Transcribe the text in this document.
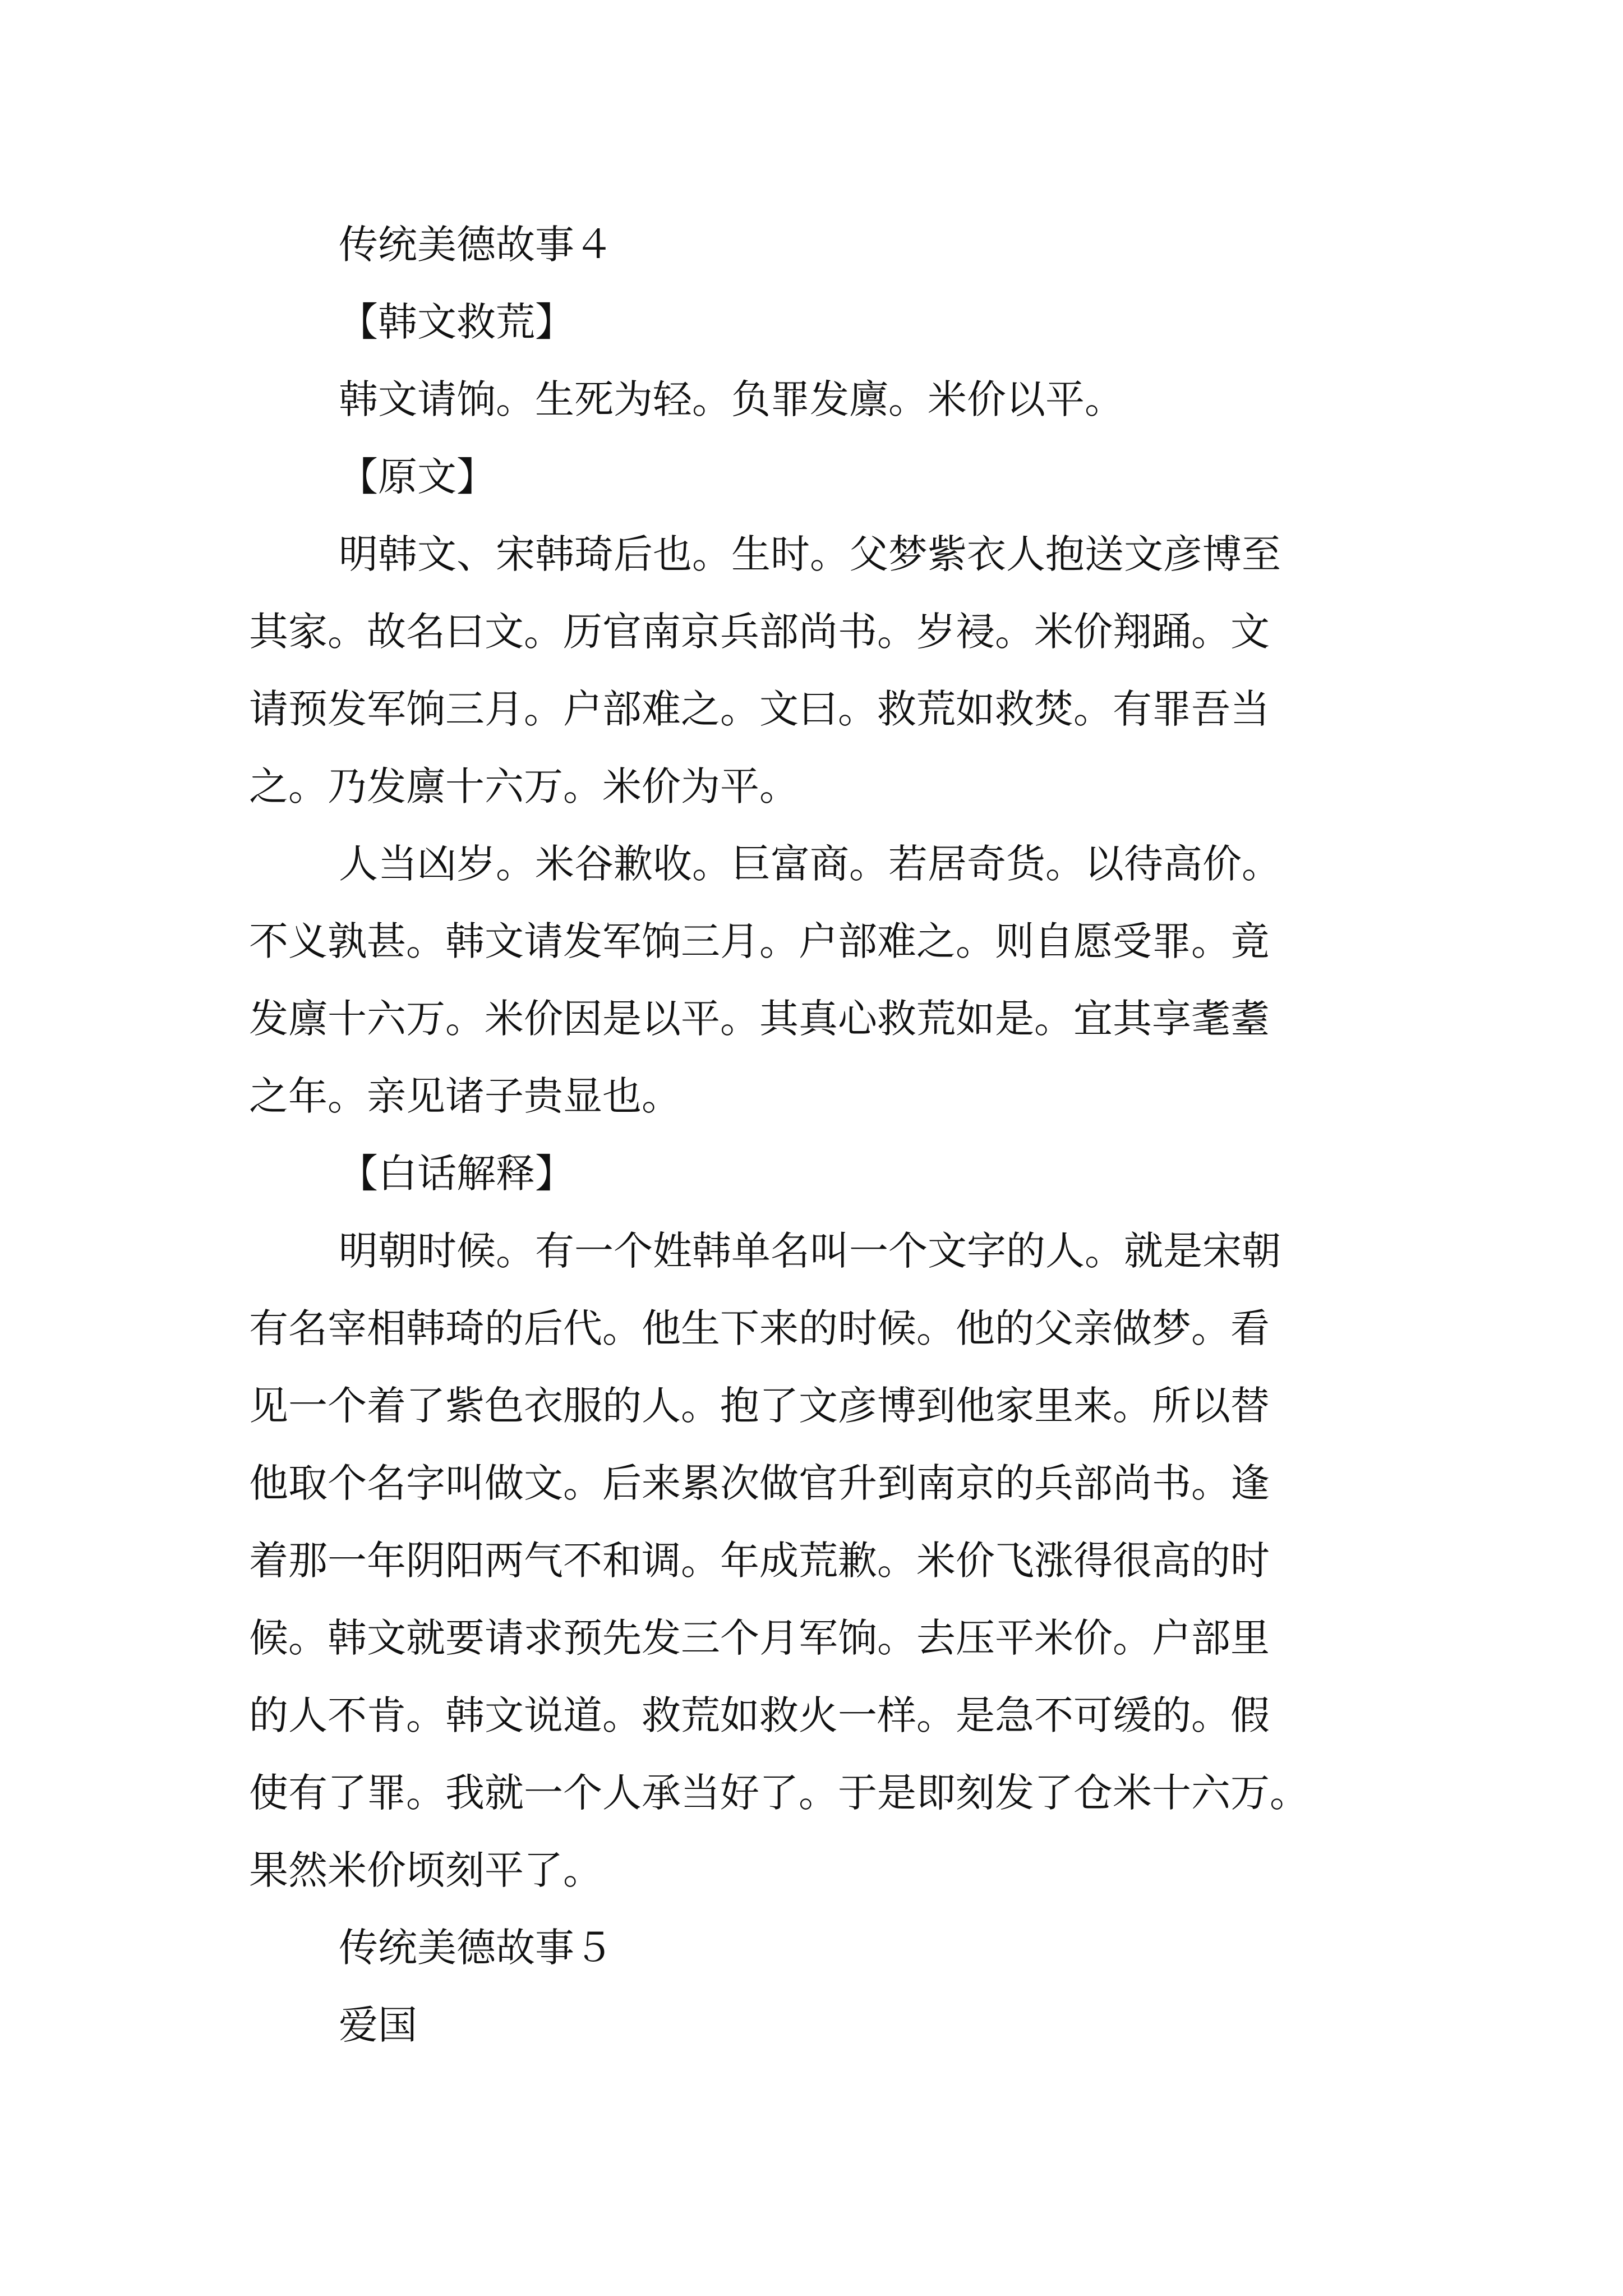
传统美德故事４
【韩文救荒】
韩文请饷。生死为轻。负罪发廪。米价以平。
【原文】
明韩文、宋韩琦后也。生时。父梦紫衣人抱送文彦博至
其家。故名曰文。历官南京兵部尚书。岁祲。米价翔踊。文
请预发军饷三月。户部难之。文曰。救荒如救焚。有罪吾当
之。乃发廪十六万。米价为平。
人当凶岁。米谷歉收。巨富商。若居奇货。以待高价。
不义孰甚。韩文请发军饷三月。户部难之。则自愿受罪。竟
发廪十六万。米价因是以平。其真心救荒如是。宜其享耄耋
之年。亲见诸子贵显也。
【白话解释】
明朝时候。有一个姓韩单名叫一个文字的人。就是宋朝
有名宰相韩琦的后代。他生下来的时候。他的父亲做梦。看
见一个着了紫色衣服的人。抱了文彦博到他家里来。所以替
他取个名字叫做文。后来累次做官升到南京的兵部尚书。逢
着那一年阴阳两气不和调。年成荒歉。米价飞涨得很高的时
候。韩文就要请求预先发三个月军饷。去压平米价。户部里
的人不肯。韩文说道。救荒如救火一样。是急不可缓的。假
使有了罪。我就一个人承当好了。于是即刻发了仓米十六万。
果然米价顷刻平了。
传统美德故事５
爱国
